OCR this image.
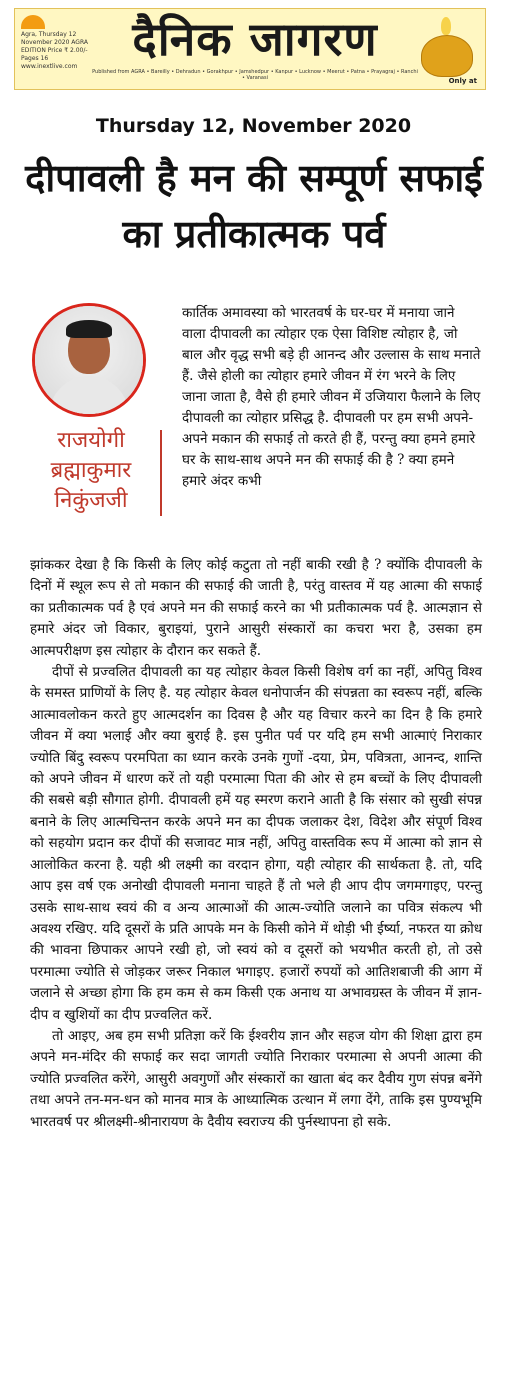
Agra, Thursday 12 November 2020 AGRA EDITION Price ₹ 2.00/- Pages 16 www.inextlive.com
दैनिक जागरण
Published from AGRA • Bareilly • Dehradun • Gorakhpur • Jamshedpur • Kanpur • Lucknow • Meerut • Patna • Prayagraj • Ranchi • Varanasi	Only at
Thursday 12, November 2020
दीपावली है मन की सम्पूर्ण सफाई का प्रतीकात्मक पर्व
राजयोगी ब्रह्माकुमार निकुंजजी

कार्तिक अमावस्या को भारतवर्ष के घर-घर में मनाया जाने वाला दीपावली का त्योहार एक ऐसा विशिष्ट त्योहार है, जो बाल और वृद्ध सभी बड़े ही आनन्द और उल्लास के साथ मनाते हैं. जैसे होली का त्योहार हमारे जीवन में रंग भरने के लिए जाना जाता है, वैसे ही हमारे जीवन में उजियारा फैलाने के लिए दीपावली का त्योहार प्रसिद्ध है. दीपावली पर हम सभी अपने-अपने मकान की सफाई तो करते ही हैं, परन्तु क्या हमने हमारे घर के साथ-साथ अपने मन की सफाई की है ? क्या हमने हमारे अंदर कभी

झांककर देखा है कि किसी के लिए कोई कटुता तो नहीं बाकी रखी है ? क्योंकि दीपावली के दिनों में स्थूल रूप से तो मकान की सफाई की जाती है, परंतु वास्तव में यह आत्मा की सफाई का प्रतीकात्मक पर्व है एवं अपने मन की सफाई करने का भी प्रतीकात्मक पर्व है. आत्मज्ञान से हमारे अंदर जो विकार, बुराइयां, पुराने आसुरी संस्कारों का कचरा भरा है, उसका हम आत्मपरीक्षण इस त्योहार के दौरान कर सकते हैं.

दीपों से प्रज्वलित दीपावली का यह त्योहार केवल किसी विशेष वर्ग का नहीं, अपितु विश्व के समस्त प्राणियों के लिए है. यह त्योहार केवल धनोपार्जन की संपन्नता का स्वरूप नहीं, बल्कि आत्मावलोकन करते हुए आत्मदर्शन का दिवस है और यह विचार करने का दिन है कि हमारे जीवन में क्या भलाई और क्या बुराई है. इस पुनीत पर्व पर यदि हम सभी आत्माएं निराकार ज्योति बिंदु स्वरूप परमपिता का ध्यान करके उनके गुणों -दया, प्रेम, पवित्रता, आनन्द, शान्ति को अपने जीवन में धारण करें तो यही परमात्मा पिता की ओर से हम बच्चों के लिए दीपावली की सबसे बड़ी सौगात होगी. दीपावली हमें यह स्मरण कराने आती है कि संसार को सुखी संपन्न बनाने के लिए आत्मचिन्तन करके अपने मन का दीपक जलाकर देश, विदेश और संपूर्ण विश्व को सहयोग प्रदान कर दीपों की सजावट मात्र नहीं, अपितु वास्तविक रूप में आत्मा को ज्ञान से आलोकित करना है. यही श्री लक्ष्मी का वरदान होगा, यही त्योहार की सार्थकता है. तो, यदि आप इस वर्ष एक अनोखी दीपावली मनाना चाहते हैं तो भले ही आप दीप जगमगाइए, परन्तु उसके साथ-साथ स्वयं की व अन्य आत्माओं की आत्म-ज्योति जलाने का पवित्र संकल्प भी अवश्य रखिए. यदि दूसरों के प्रति आपके मन के किसी कोने में थोड़ी भी ईर्ष्या, नफरत या क्रोध की भावना छिपाकर आपने रखी हो, जो स्वयं को व दूसरों को भयभीत करती हो, तो उसे परमात्मा ज्योति से जोड़कर जरूर निकाल भगाइए. हजारों रुपयों को आतिशबाजी की आग में जलाने से अच्छा होगा कि हम कम से कम किसी एक अनाथ या अभावग्रस्त के जीवन में ज्ञान-दीप व खुशियों का दीप प्रज्वलित करें.

तो आइए, अब हम सभी प्रतिज्ञा करें कि ईश्वरीय ज्ञान और सहज योग की शिक्षा द्वारा हम अपने मन-मंदिर की सफाई कर सदा जागती ज्योति निराकार परमात्मा से अपनी आत्मा की ज्योति प्रज्वलित करेंगे, आसुरी अवगुणों और संस्कारों का खाता बंद कर दैवीय गुण संपन्न बनेंगे तथा अपने तन-मन-धन को मानव मात्र के आध्यात्मिक उत्थान में लगा देंगे, ताकि इस पुण्यभूमि भारतवर्ष पर श्रीलक्ष्मी-श्रीनारायण के दैवीय स्वराज्य की पुर्नस्थापना हो सके.
